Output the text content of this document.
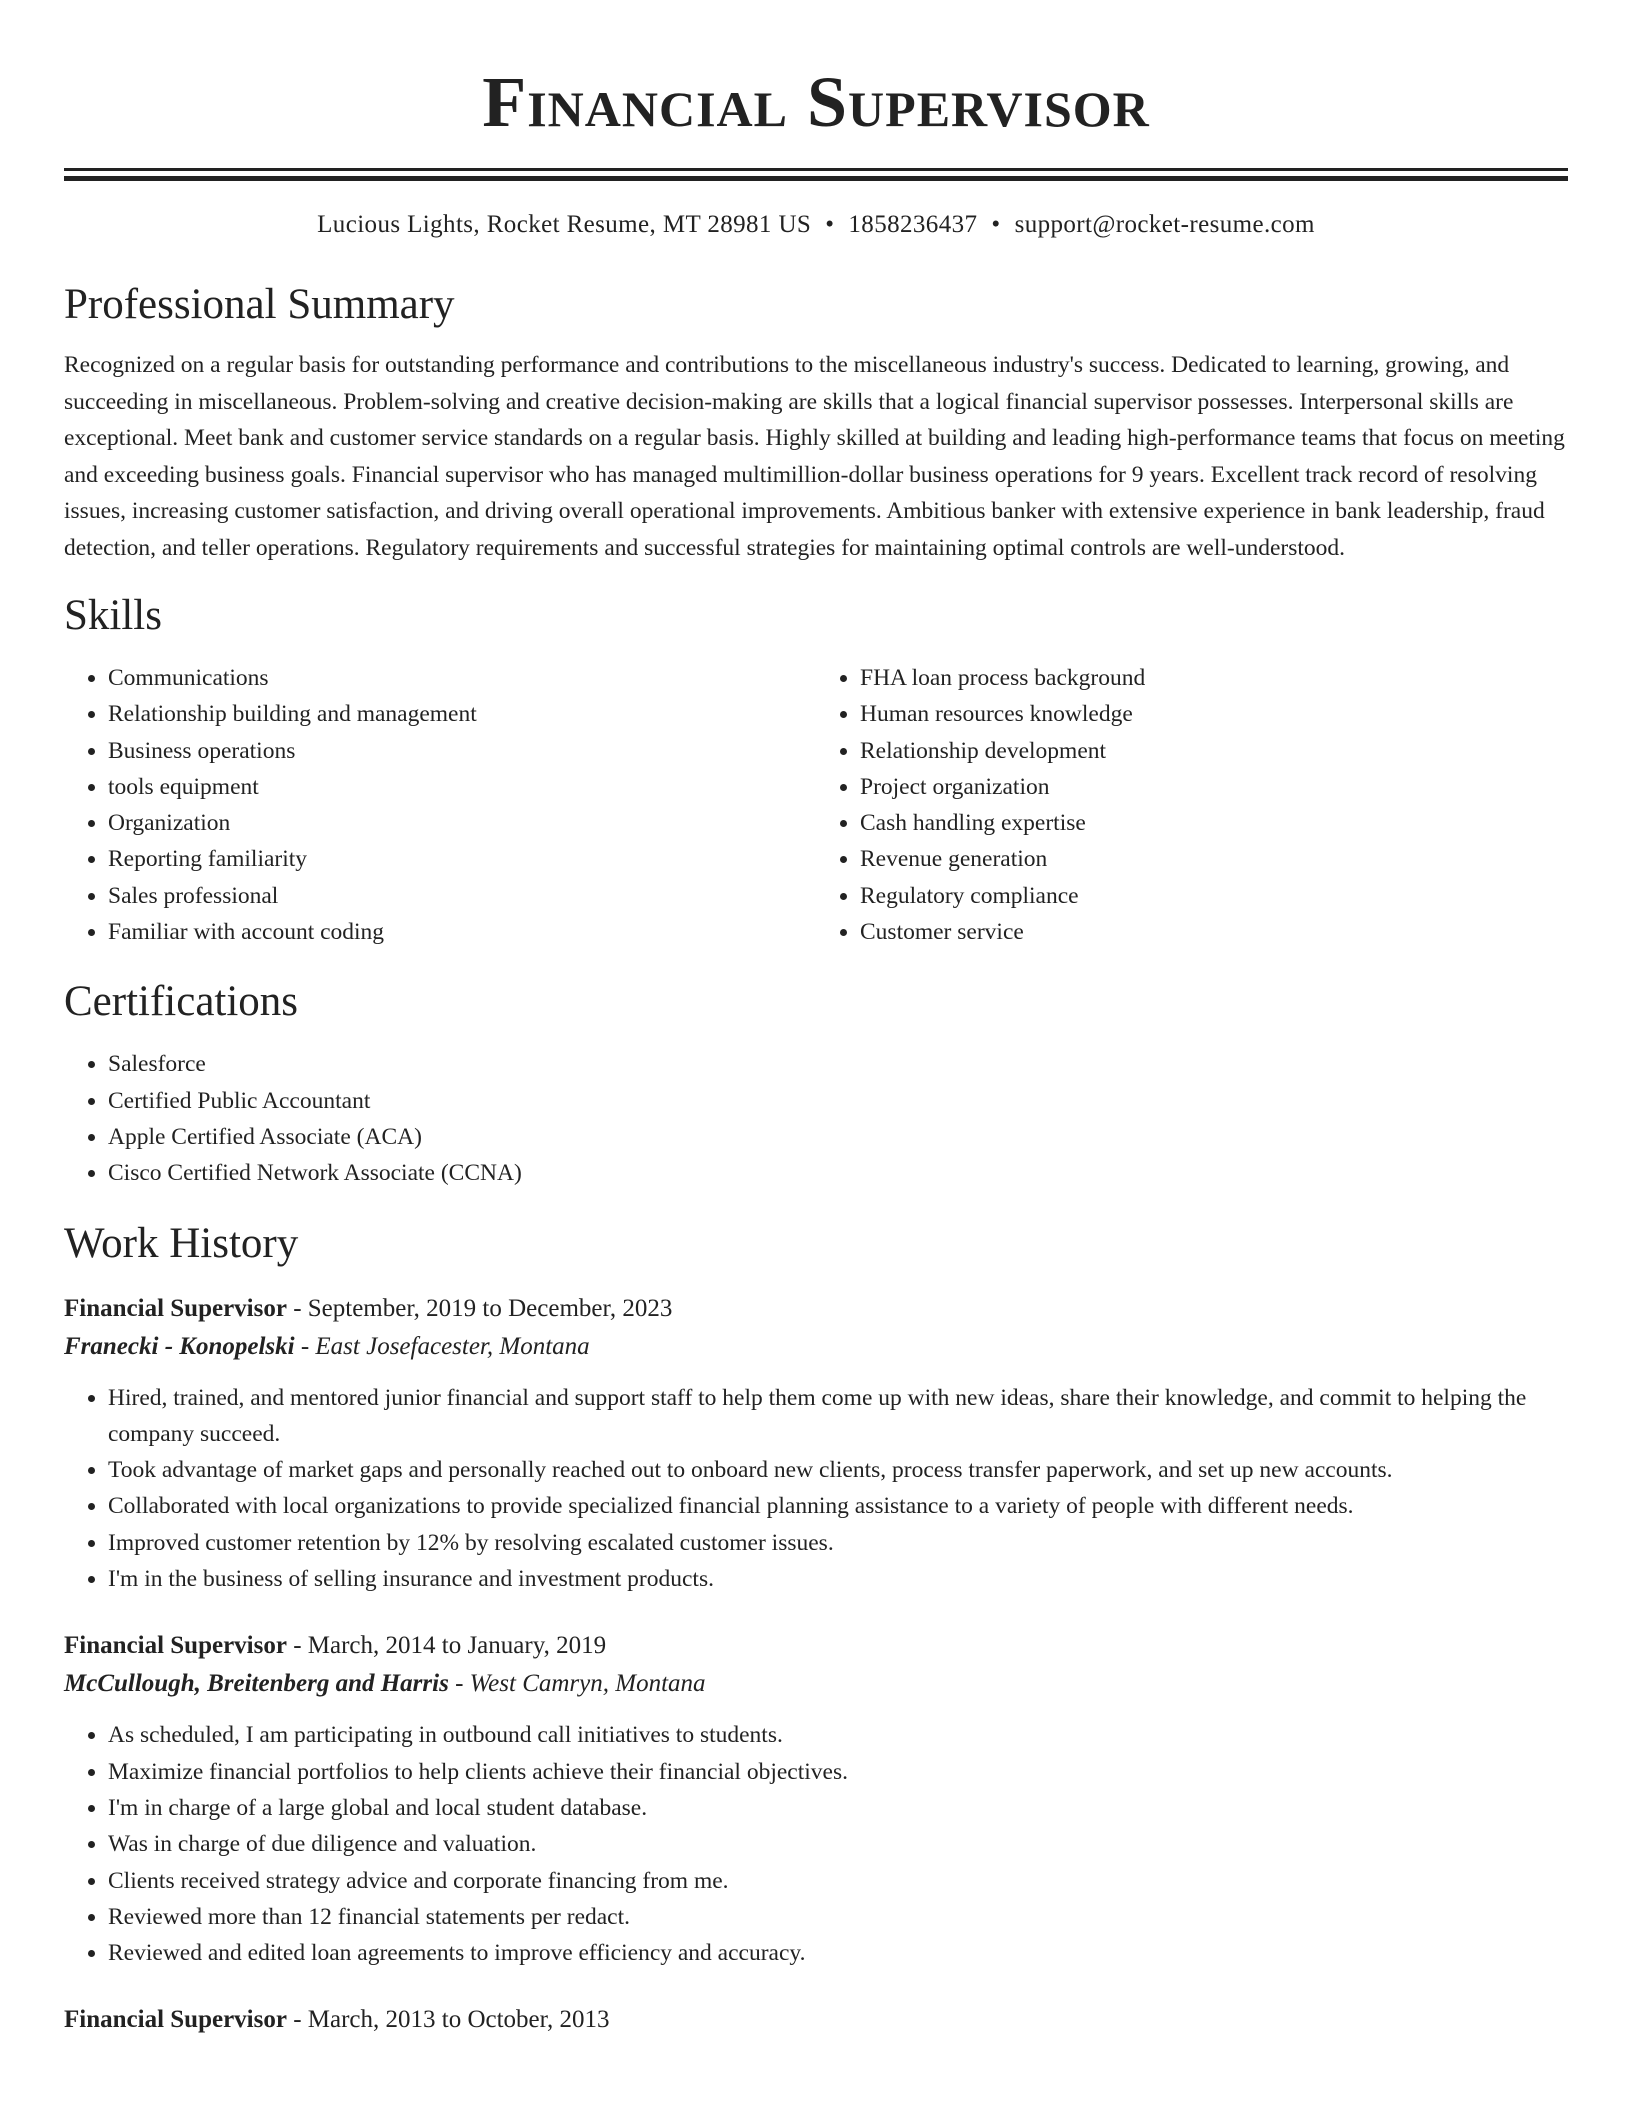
Financial Supervisor
Lucious Lights, Rocket Resume, MT 28981 US • 1858236437 • support@rocket-resume.com
Professional Summary
Recognized on a regular basis for outstanding performance and contributions to the miscellaneous industry's success. Dedicated to learning, growing, and succeeding in miscellaneous. Problem-solving and creative decision-making are skills that a logical financial supervisor possesses. Interpersonal skills are exceptional. Meet bank and customer service standards on a regular basis. Highly skilled at building and leading high-performance teams that focus on meeting and exceeding business goals. Financial supervisor who has managed multimillion-dollar business operations for 9 years. Excellent track record of resolving issues, increasing customer satisfaction, and driving overall operational improvements. Ambitious banker with extensive experience in bank leadership, fraud detection, and teller operations. Regulatory requirements and successful strategies for maintaining optimal controls are well-understood.
Skills
• Communications
• Relationship building and management
• Business operations
• tools equipment
• Organization
• Reporting familiarity
• Sales professional
• Familiar with account coding
• FHA loan process background
• Human resources knowledge
• Relationship development
• Project organization
• Cash handling expertise
• Revenue generation
• Regulatory compliance
• Customer service
Certifications
• Salesforce
• Certified Public Accountant
• Apple Certified Associate (ACA)
• Cisco Certified Network Associate (CCNA)
Work History
Financial Supervisor - September, 2019 to December, 2023
Franecki - Konopelski - East Josefacester, Montana
• Hired, trained, and mentored junior financial and support staff to help them come up with new ideas, share their knowledge, and commit to helping the company succeed.
• Took advantage of market gaps and personally reached out to onboard new clients, process transfer paperwork, and set up new accounts.
• Collaborated with local organizations to provide specialized financial planning assistance to a variety of people with different needs.
• Improved customer retention by 12% by resolving escalated customer issues.
• I'm in the business of selling insurance and investment products.
Financial Supervisor - March, 2014 to January, 2019
McCullough, Breitenberg and Harris - West Camryn, Montana
• As scheduled, I am participating in outbound call initiatives to students.
• Maximize financial portfolios to help clients achieve their financial objectives.
• I'm in charge of a large global and local student database.
• Was in charge of due diligence and valuation.
• Clients received strategy advice and corporate financing from me.
• Reviewed more than 12 financial statements per redact.
• Reviewed and edited loan agreements to improve efficiency and accuracy.
Financial Supervisor - March, 2013 to October, 2013
